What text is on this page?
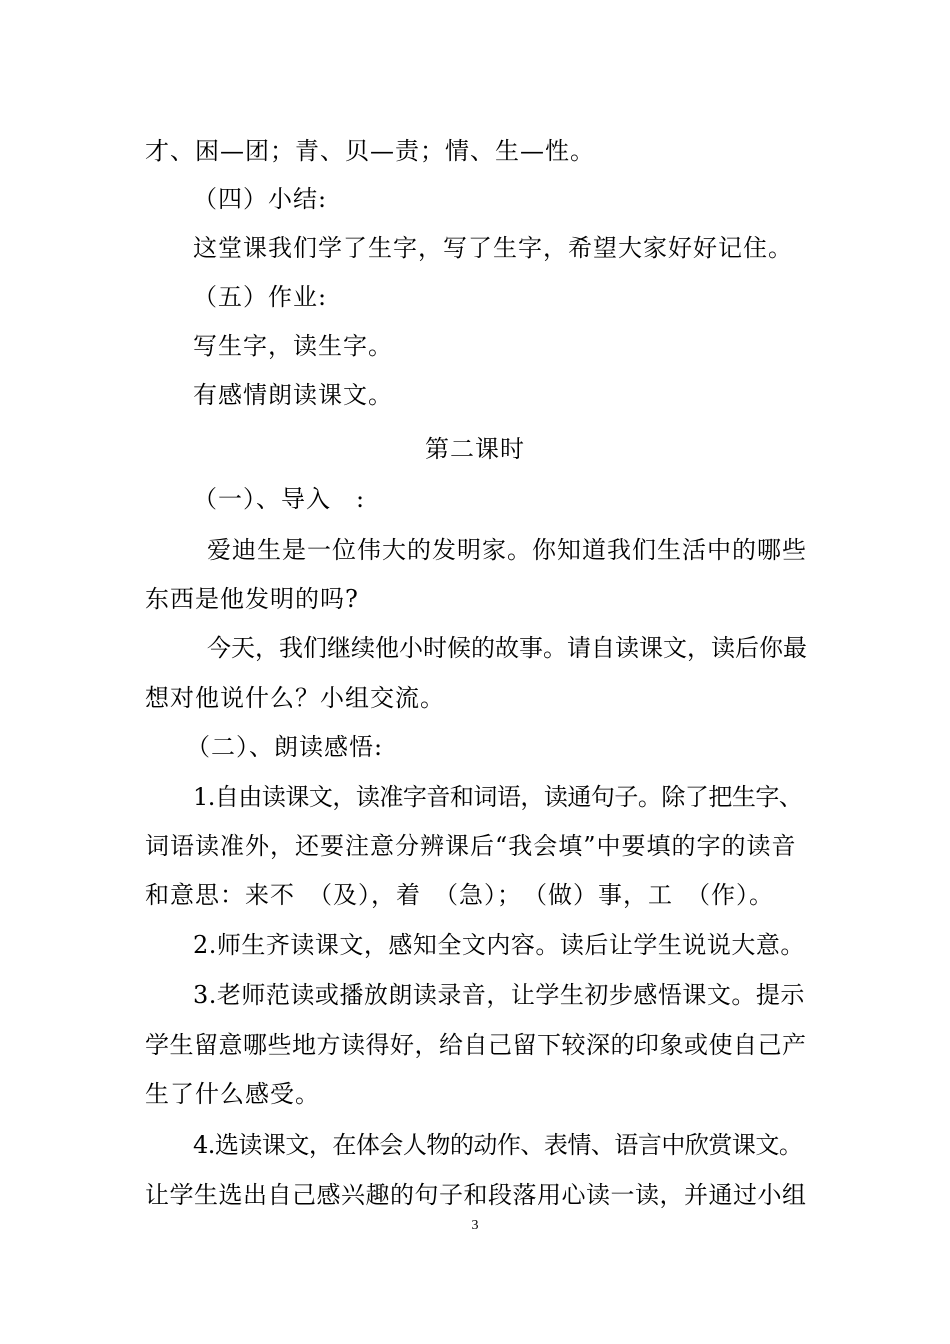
才、困—团；青、贝—责；情、生—性。
（四）小结:
这堂课我们学了生字，写了生字，希望大家好好记住。
（五）作业:
写生字，读生字。
有感情朗读课文。
第二课时
（一）、导入　:
爱迪生是一位伟大的发明家。你知道我们生活中的哪些
东西是他发明的吗?
今天，我们继续他小时候的故事。请自读课文，读后你最
想对他说什么？小组交流。
（二）、朗读感悟:
1.自由读课文，读准字音和词语，读通句子。除了把生字、
词语读准外，还要注意分辨课后“我会填”中要填的字的读音
和意思：来不　（及），着　（急）；　（做）事，工　（作）。
2.师生齐读课文，感知全文内容。读后让学生说说大意。
3.老师范读或播放朗读录音，让学生初步感悟课文。提示
学生留意哪些地方读得好，给自己留下较深的印象或使自己产
生了什么感受。
4.选读课文，在体会人物的动作、表情、语言中欣赏课文。
让学生选出自己感兴趣的句子和段落用心读一读，并通过小组
3
